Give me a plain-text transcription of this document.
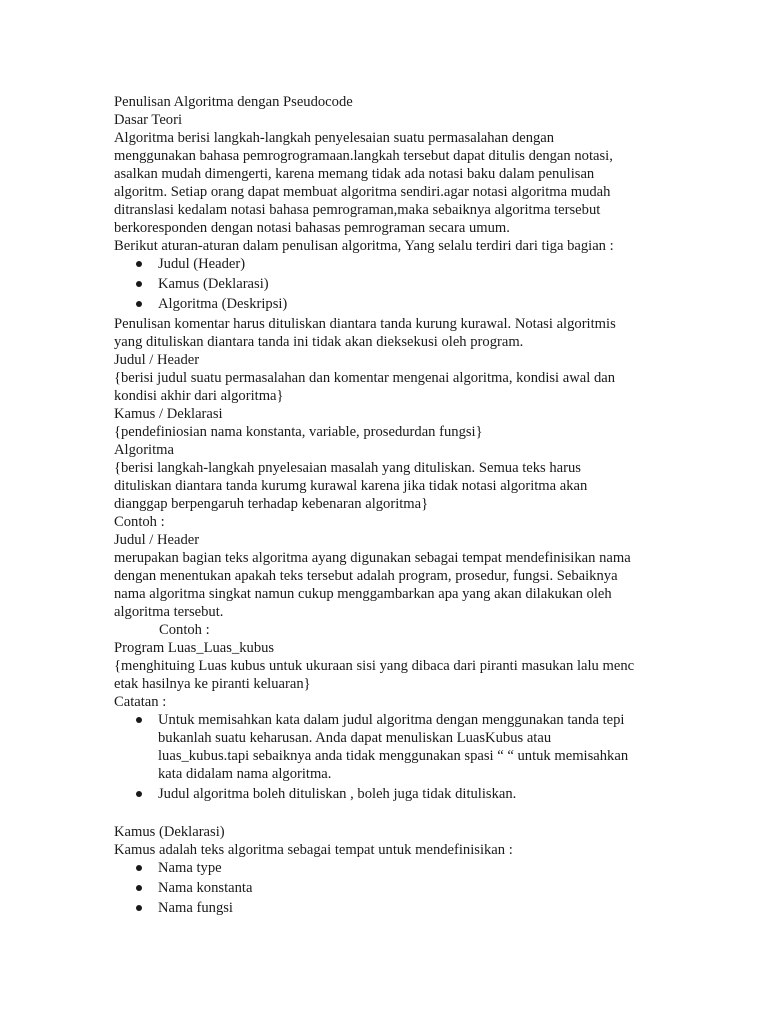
Penulisan Algoritma dengan Pseudocode

Dasar Teori

Algoritma berisi langkah-langkah penyelesaian suatu permasalahan dengan
menggunakan bahasa pemrogrogramaan.langkah tersebut dapat ditulis dengan notasi,
asalkan mudah dimengerti, karena memang tidak ada notasi baku dalam penulisan
algoritm. Setiap orang dapat membuat algoritma sendiri.agar notasi algoritma mudah
ditranslasi kedalam notasi bahasa pemrograman,maka sebaiknya algoritma tersebut
berkoresponden dengan notasi bahasas pemrograman secara umum.

Berikut aturan-aturan dalam penulisan algoritma, Yang selalu terdiri dari tiga bagian :

Judul (Header)
Kamus (Deklarasi)
Algoritma (Deskripsi)

Penulisan komentar harus dituliskan diantara tanda kurung kurawal. Notasi algoritmis
yang dituliskan diantara tanda ini tidak akan dieksekusi oleh program.

Judul / Header

{berisi judul suatu permasalahan dan komentar mengenai algoritma, kondisi awal dan
kondisi akhir dari algoritma}

Kamus / Deklarasi

{pendefiniosian nama konstanta, variable, prosedurdan fungsi}

Algoritma

{berisi langkah-langkah pnyelesaian masalah yang dituliskan. Semua teks harus
dituliskan diantara tanda kurumg kurawal karena jika tidak notasi algoritma akan
dianggap berpengaruh terhadap kebenaran algoritma}

Contoh :

Judul / Header

merupakan bagian teks algoritma ayang digunakan sebagai tempat mendefinisikan nama
dengan menentukan apakah teks tersebut adalah program, prosedur, fungsi. Sebaiknya
nama algoritma singkat namun cukup menggambarkan apa yang akan dilakukan oleh
algoritma tersebut.

Contoh :

Program Luas_Luas_kubus

{menghituing Luas kubus untuk ukuraan sisi yang dibaca dari piranti masukan lalu menc
etak hasilnya ke piranti keluaran}

Catatan :

Untuk memisahkan kata dalam judul algoritma dengan menggunakan tanda tepi
bukanlah suatu keharusan. Anda dapat menuliskan LuasKubus atau
luas_kubus.tapi sebaiknya anda tidak menggunakan spasi “ “ untuk memisahkan
kata didalam nama algoritma.
Judul algoritma boleh dituliskan , boleh juga tidak dituliskan.

Kamus (Deklarasi)

Kamus adalah teks algoritma sebagai tempat untuk mendefinisikan :

Nama type
Nama konstanta
Nama fungsi
